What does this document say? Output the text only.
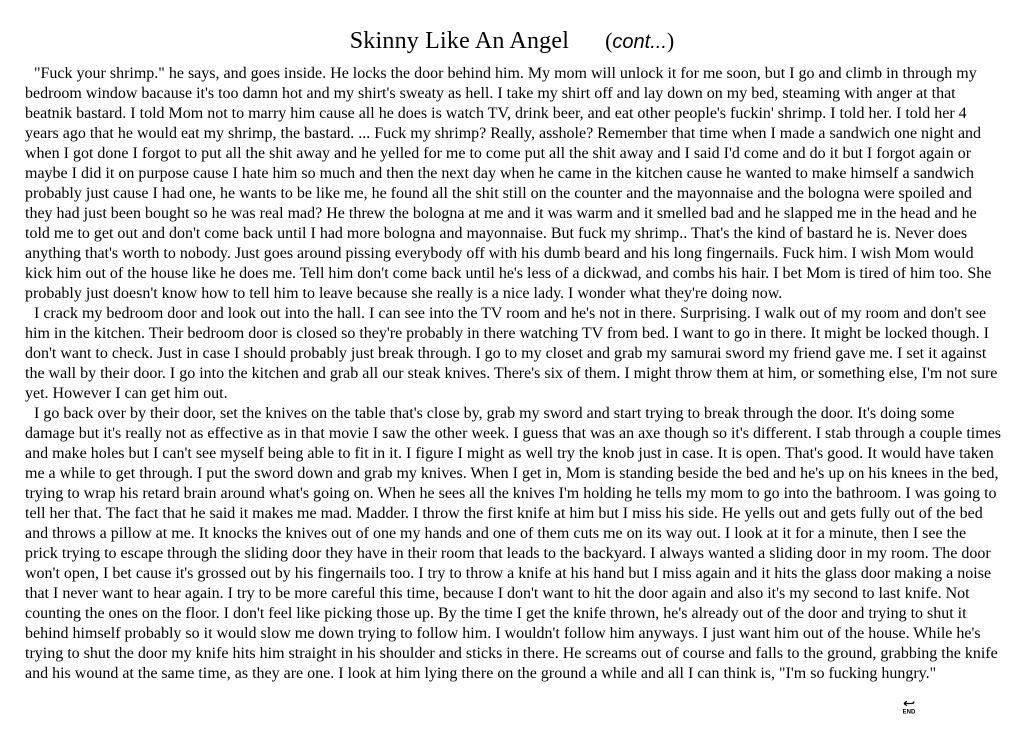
Skinny Like An Angel (cont...)

"Fuck your shrimp." he says, and goes inside. He locks the door behind him. My mom will unlock it for me soon, but I go and climb in through my bedroom window bacause it's too damn hot and my shirt's sweaty as hell. I take my shirt off and lay down on my bed, steaming with anger at that beatnik bastard. I told Mom not to marry him cause all he does is watch TV, drink beer, and eat other people's fuckin' shrimp. I told her. I told her 4 years ago that he would eat my shrimp, the bastard. ... Fuck my shrimp? Really, asshole? Remember that time when I made a sandwich one night and when I got done I forgot to put all the shit away and he yelled for me to come put all the shit away and I said I'd come and do it but I forgot again or maybe I did it on purpose cause I hate him so much and then the next day when he came in the kitchen cause he wanted to make himself a sandwich probably just cause I had one, he wants to be like me, he found all the shit still on the counter and the mayonnaise and the bologna were spoiled and they had just been bought so he was real mad? He threw the bologna at me and it was warm and it smelled bad and he slapped me in the head and he told me to get out and don't come back until I had more bologna and mayonnaise. But fuck my shrimp.. That's the kind of bastard he is. Never does anything that's worth to nobody. Just goes around pissing everybody off with his dumb beard and his long fingernails. Fuck him. I wish Mom would kick him out of the house like he does me. Tell him don't come back until he's less of a dickwad, and combs his hair. I bet Mom is tired of him too. She probably just doesn't know how to tell him to leave because she really is a nice lady. I wonder what they're doing now.

I crack my bedroom door and look out into the hall. I can see into the TV room and he's not in there. Surprising. I walk out of my room and don't see him in the kitchen. Their bedroom door is closed so they're probably in there watching TV from bed. I want to go in there. It might be locked though. I don't want to check. Just in case I should probably just break through. I go to my closet and grab my samurai sword my friend gave me. I set it against the wall by their door. I go into the kitchen and grab all our steak knives. There's six of them. I might throw them at him, or something else, I'm not sure yet. However I can get him out.

I go back over by their door, set the knives on the table that's close by, grab my sword and start trying to break through the door. It's doing some damage but it's really not as effective as in that movie I saw the other week. I guess that was an axe though so it's different. I stab through a couple times and make holes but I can't see myself being able to fit in it. I figure I might as well try the knob just in case. It is open. That's good. It would have taken me a while to get through. I put the sword down and grab my knives. When I get in, Mom is standing beside the bed and he's up on his knees in the bed, trying to wrap his retard brain around what's going on. When he sees all the knives I'm holding he tells my mom to go into the bathroom. I was going to tell her that. The fact that he said it makes me mad. Madder. I throw the first knife at him but I miss his side. He yells out and gets fully out of the bed and throws a pillow at me. It knocks the knives out of one my hands and one of them cuts me on its way out. I look at it for a minute, then I see the prick trying to escape through the sliding door they have in their room that leads to the backyard. I always wanted a sliding door in my room. The door won't open, I bet cause it's grossed out by his fingernails too. I try to throw a knife at his hand but I miss again and it hits the glass door making a noise that I never want to hear again. I try to be more careful this time, because I don't want to hit the door again and also it's my second to last knife. Not counting the ones on the floor. I don't feel like picking those up. By the time I get the knife thrown, he's already out of the door and trying to shut it behind himself probably so it would slow me down trying to follow him. I wouldn't follow him anyways. I just want him out of the house. While he's trying to shut the door my knife hits him straight in his shoulder and sticks in there. He screams out of course and falls to the ground, grabbing the knife and his wound at the same time, as they are one. I look at him lying there on the ground a while and all I can think is, "I'm so fucking hungry."

END
